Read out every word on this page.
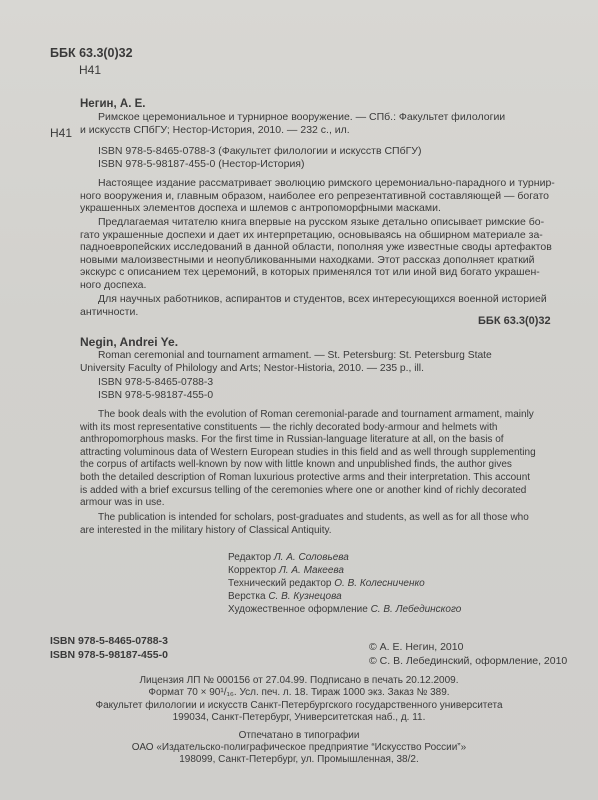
ББК 63.3(0)32
Н41
Н41
Негин, А. Е.
Римское церемониальное и турнирное вооружение. — СПб.: Факультет филологии
и искусств СПбГУ; Нестор-История, 2010. — 232 с., ил.
ISBN 978-5-8465-0788-3 (Факультет филологии и искусств СПбГУ)
ISBN 978-5-98187-455-0 (Нестор-История)
Настоящее издание рассматривает эволюцию римского церемониально-парадного и турнир-
ного вооружения и, главным образом, наиболее его репрезентативной составляющей — богато
украшенных элементов доспеха и шлемов с антропоморфными масками.
Предлагаемая читателю книга впервые на русском языке детально описывает римские бо-
гато украшенные доспехи и дает их интерпретацию, основываясь на обширном материале за-
падноевропейских исследований в данной области, пополняя уже известные своды артефактов
новыми малоизвестными и неопубликованными находками. Этот рассказ дополняет краткий
экскурс с описанием тех церемоний, в которых применялся тот или иной вид богато украшен-
ного доспеха.
Для научных работников, аспирантов и студентов, всех интересующихся военной историей
античности.
ББК 63.3(0)32
Negin, Andrei Ye.
Roman ceremonial and tournament armament. — St. Petersburg: St. Petersburg State
University Faculty of Philology and Arts; Nestor-Historia, 2010. — 235 p., ill.
ISBN 978-5-8465-0788-3
ISBN 978-5-98187-455-0
The book deals with the evolution of Roman ceremonial-parade and tournament armament, mainly
with its most representative constituents — the richly decorated body-armour and helmets with
anthropomorphous masks. For the first time in Russian-language literature at all, on the basis of
attracting voluminous data of Western European studies in this field and as well through supplementing
the corpus of artifacts well-known by now with little known and unpublished finds, the author gives
both the detailed description of Roman luxurious protective arms and their interpretation. This account
is added with a brief excursus telling of the ceremonies where one or another kind of richly decorated
armour was in use.
The publication is intended for scholars, post-graduates and students, as well as for all those who
are interested in the military history of Classical Antiquity.
Редактор Л. А. Соловьева
Корректор Л. А. Макеева
Технический редактор О. В. Колесниченко
Верстка С. В. Кузнецова
Художественное оформление С. В. Лебединского
ISBN 978-5-8465-0788-3
ISBN 978-5-98187-455-0
© А. Е. Негин, 2010
© С. В. Лебединский, оформление, 2010
Лицензия ЛП № 000156 от 27.04.99. Подписано в печать 20.12.2009.
Формат 70 × 90¹/₁₆. Усл. печ. л. 18. Тираж 1000 экз. Заказ № 389.
Факультет филологии и искусств Санкт-Петербургского государственного университета
199034, Санкт-Петербург, Университетская наб., д. 11.
Отпечатано в типографии
ОАО «Издательско-полиграфическое предприятие “Искусство России”»
198099, Санкт-Петербург, ул. Промышленная, 38/2.
